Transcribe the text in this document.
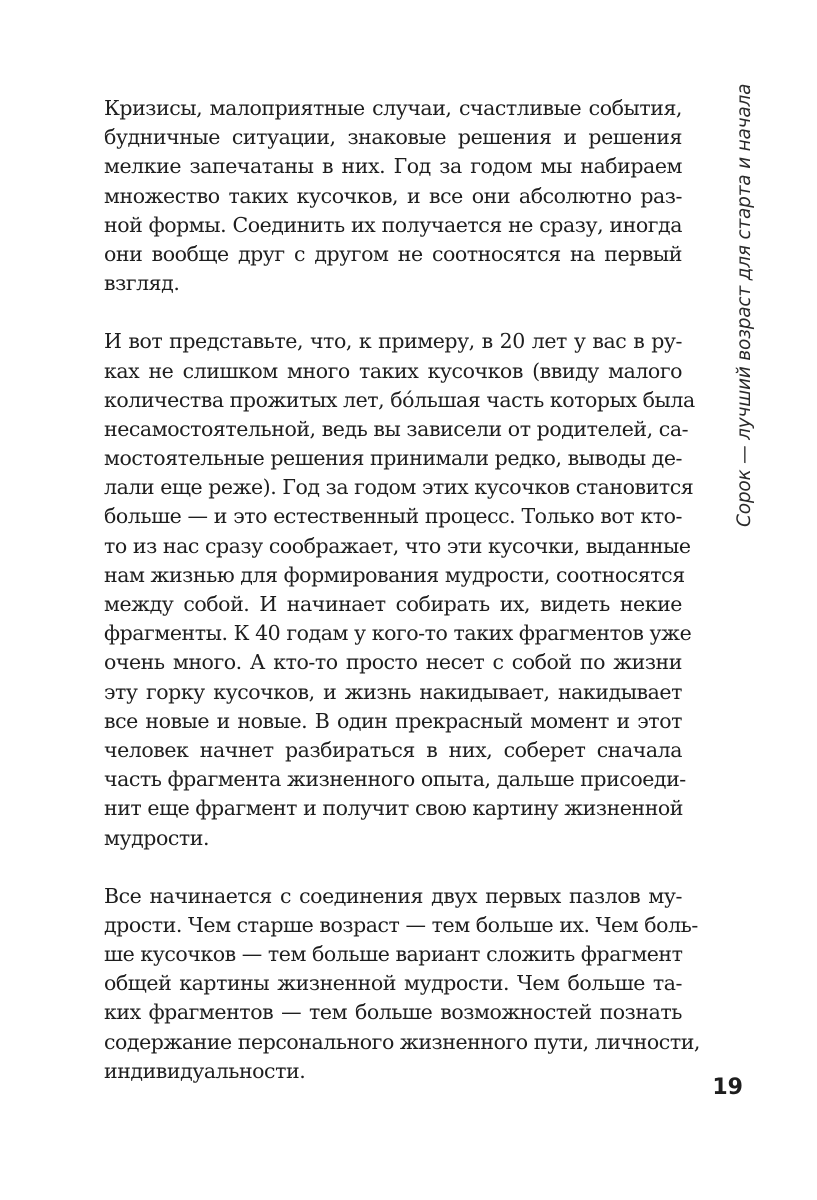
Кризисы, малоприятные случаи, счастливые события,
будничные ситуации, знаковые решения и решения
мелкие запечатаны в них. Год за годом мы набираем
множество таких кусочков, и все они абсолютно раз-
ной формы. Соединить их получается не сразу, иногда
они вообще друг с другом не соотносятся на первый
взгляд.
И вот представьте, что, к примеру, в 20 лет у вас в ру-
ках не слишком много таких кусочков (ввиду малого
количества прожитых лет, бóльшая часть которых была
несамостоятельной, ведь вы зависели от родителей, са-
мостоятельные решения принимали редко, выводы де-
лали еще реже). Год за годом этих кусочков становится
больше — и это естественный процесс. Только вот кто-
то из нас сразу соображает, что эти кусочки, выданные
нам жизнью для формирования мудрости, соотносятся
между собой. И начинает собирать их, видеть некие
фрагменты. К 40 годам у кого-то таких фрагментов уже
очень много. А кто-то просто несет с собой по жизни
эту горку кусочков, и жизнь накидывает, накидывает
все новые и новые. В один прекрасный момент и этот
человек начнет разбираться в них, соберет сначала
часть фрагмента жизненного опыта, дальше присоеди-
нит еще фрагмент и получит свою картину жизненной
мудрости.
Все начинается с соединения двух первых пазлов му-
дрости. Чем старше возраст — тем больше их. Чем боль-
ше кусочков — тем больше вариант сложить фрагмент
общей картины жизненной мудрости. Чем больше та-
ких фрагментов — тем больше возможностей познать
содержание персонального жизненного пути, личности,
индивидуальности.
Сорок — лучший возраст для старта и начала
19
